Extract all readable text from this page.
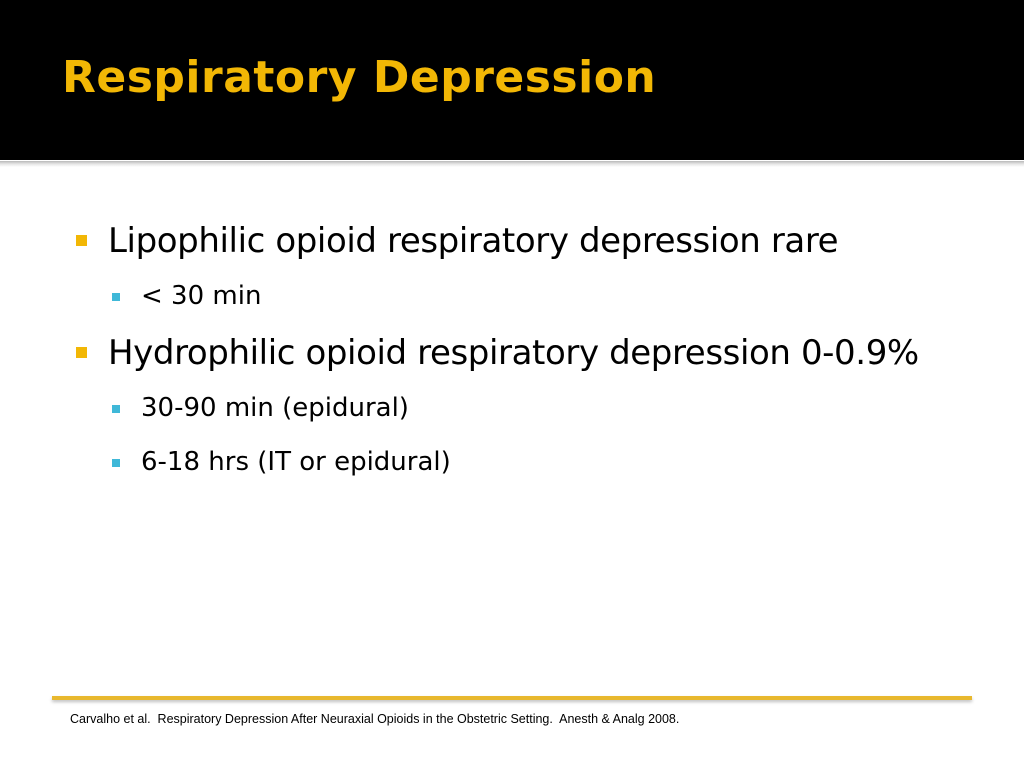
Respiratory Depression
Lipophilic opioid respiratory depression rare
< 30 min
Hydrophilic opioid respiratory depression 0-0.9%
30-90 min (epidural)
6-18 hrs (IT or epidural)
Carvalho et al.  Respiratory Depression After Neuraxial Opioids in the Obstetric Setting.  Anesth & Analg 2008.
